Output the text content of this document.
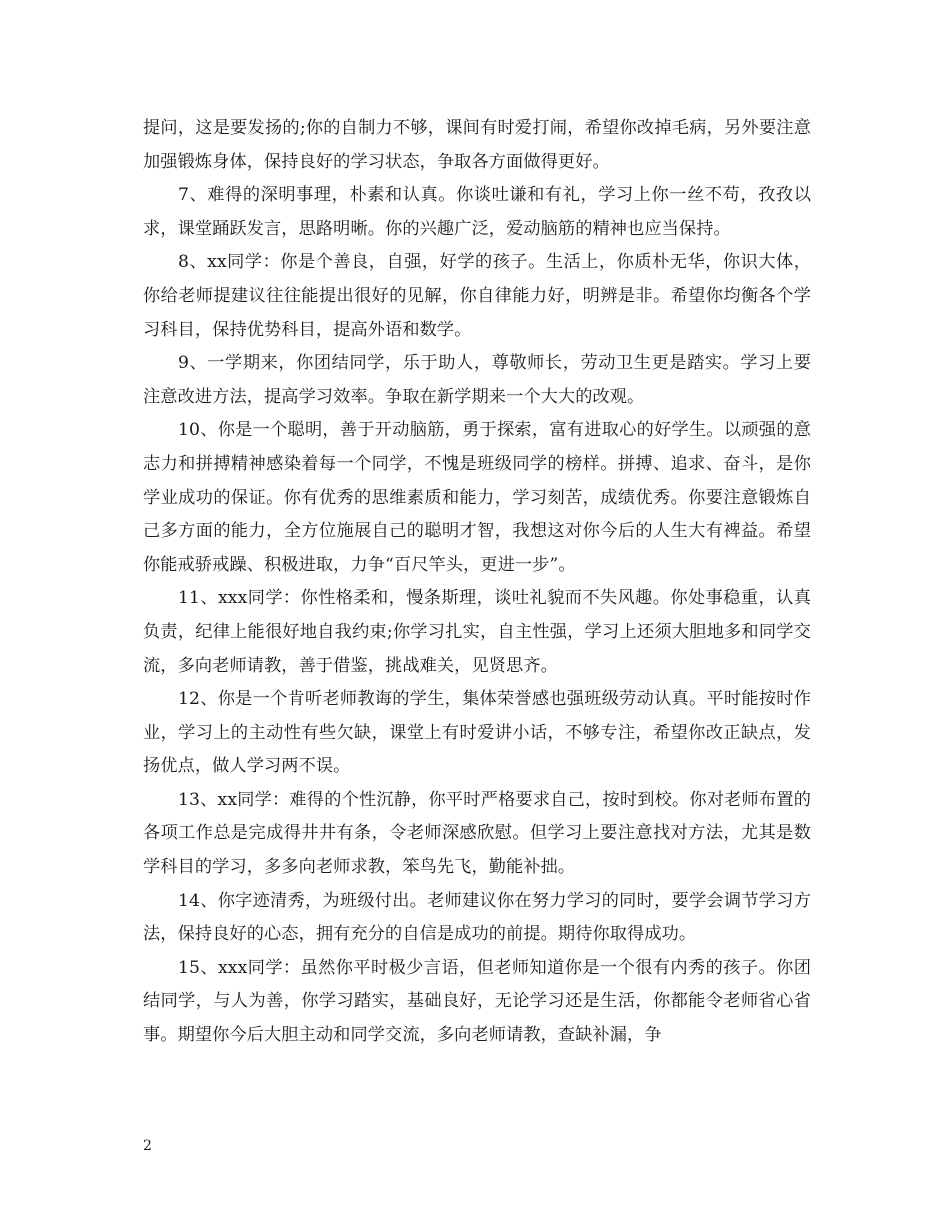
提问，这是要发扬的;你的自制力不够，课间有时爱打闹，希望你改掉毛病，另外要注意加强锻炼身体，保持良好的学习状态，争取各方面做得更好。

7、难得的深明事理，朴素和认真。你谈吐谦和有礼，学习上你一丝不苟，孜孜以求，课堂踊跃发言，思路明晰。你的兴趣广泛，爱动脑筋的精神也应当保持。

8、xx同学：你是个善良，自强，好学的孩子。生活上，你质朴无华，你识大体，你给老师提建议往往能提出很好的见解，你自律能力好，明辨是非。希望你均衡各个学习科目，保持优势科目，提高外语和数学。

9、一学期来，你团结同学，乐于助人，尊敬师长，劳动卫生更是踏实。学习上要注意改进方法，提高学习效率。争取在新学期来一个大大的改观。

10、你是一个聪明，善于开动脑筋，勇于探索，富有进取心的好学生。以顽强的意志力和拼搏精神感染着每一个同学，不愧是班级同学的榜样。拼搏、追求、奋斗，是你学业成功的保证。你有优秀的思维素质和能力，学习刻苦，成绩优秀。你要注意锻炼自己多方面的能力，全方位施展自己的聪明才智，我想这对你今后的人生大有裨益。希望你能戒骄戒躁、积极进取，力争“百尺竿头，更进一步”。

11、xxx同学：你性格柔和，慢条斯理，谈吐礼貌而不失风趣。你处事稳重，认真负责，纪律上能很好地自我约束;你学习扎实，自主性强，学习上还须大胆地多和同学交流，多向老师请教，善于借鉴，挑战难关，见贤思齐。

12、你是一个肯听老师教诲的学生，集体荣誉感也强班级劳动认真。平时能按时作业，学习上的主动性有些欠缺，课堂上有时爱讲小话，不够专注，希望你改正缺点，发扬优点，做人学习两不误。

13、xx同学：难得的个性沉静，你平时严格要求自己，按时到校。你对老师布置的各项工作总是完成得井井有条，令老师深感欣慰。但学习上要注意找对方法，尤其是数学科目的学习，多多向老师求教，笨鸟先飞，勤能补拙。

14、你字迹清秀，为班级付出。老师建议你在努力学习的同时，要学会调节学习方法，保持良好的心态，拥有充分的自信是成功的前提。期待你取得成功。

15、xxx同学：虽然你平时极少言语，但老师知道你是一个很有内秀的孩子。你团结同学，与人为善，你学习踏实，基础良好，无论学习还是生活，你都能令老师省心省事。期望你今后大胆主动和同学交流，多向老师请教，查缺补漏，争

2
